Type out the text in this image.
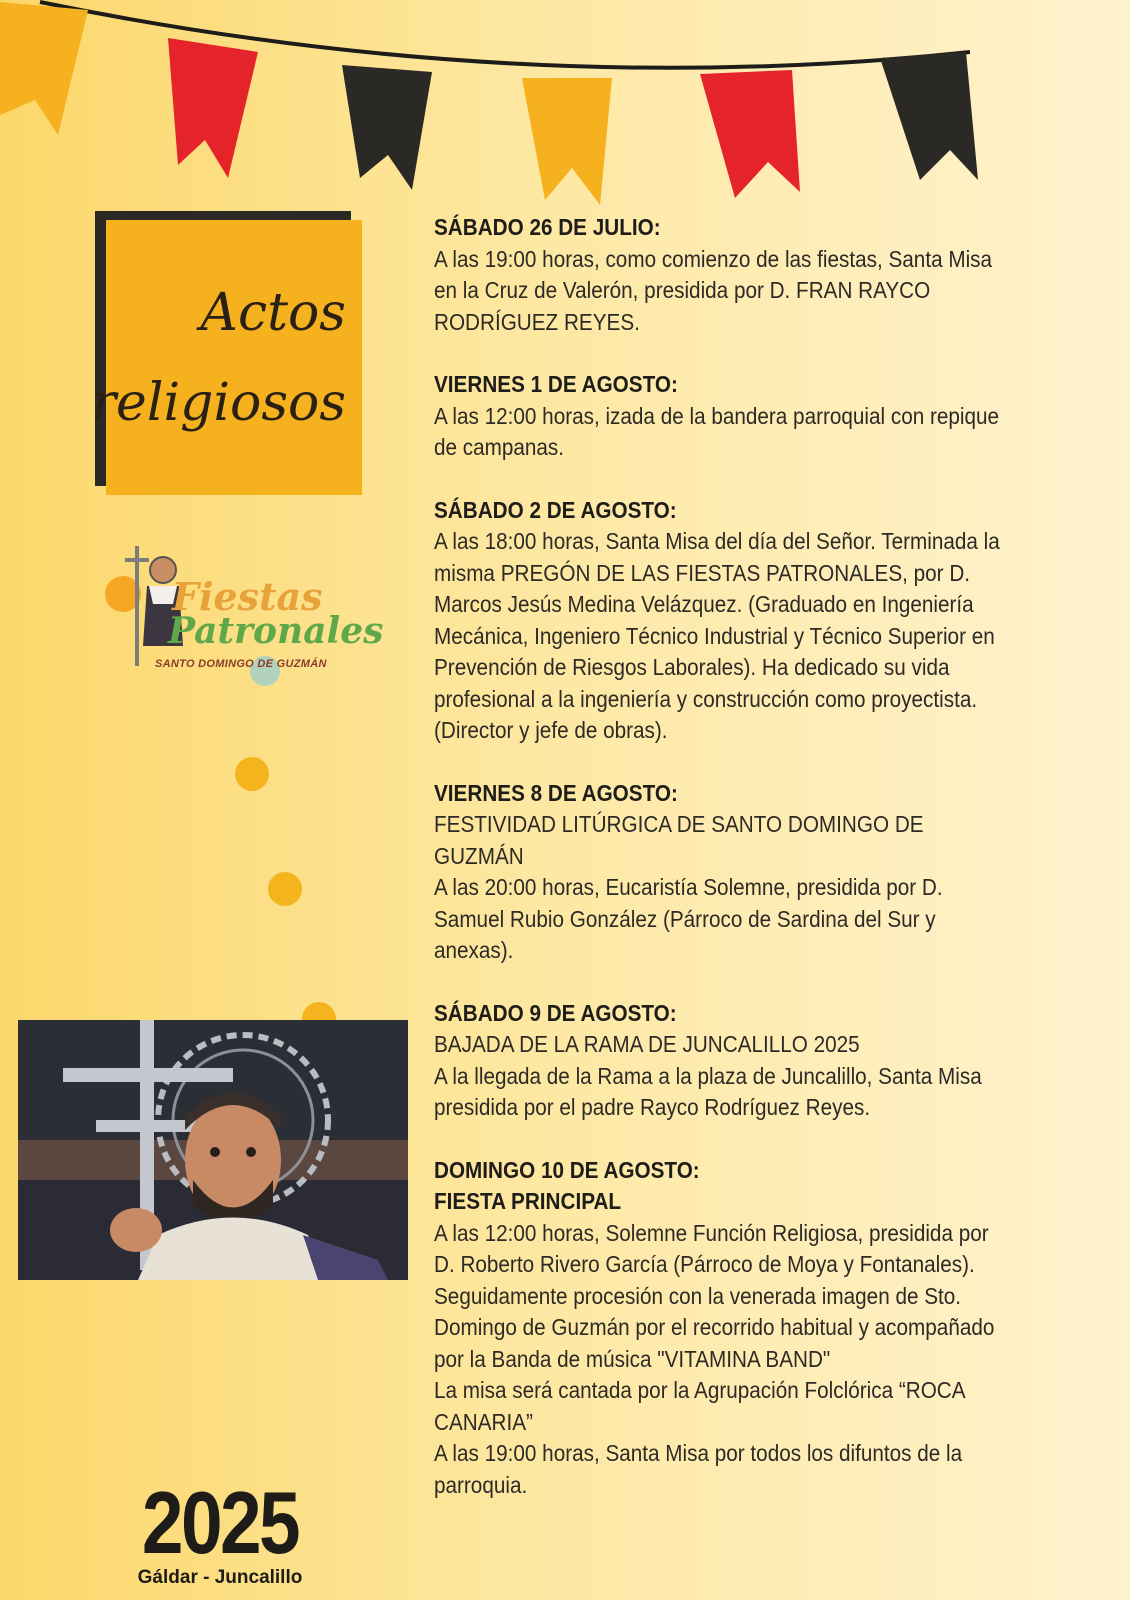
Actos
religiosos
Fiestas
Patronales
SANTO DOMINGO DE GUZMÁN
2025
Gáldar - Juncalillo
SÁBADO 26 DE JULIO:
A las 19:00 horas, como comienzo de las fiestas, Santa Misa en la Cruz de Valerón, presidida por D. FRAN RAYCO RODRÍGUEZ REYES.
VIERNES 1 DE AGOSTO:
A las 12:00 horas, izada de la bandera parroquial con repique de campanas.
SÁBADO 2 DE AGOSTO:
A las 18:00 horas, Santa Misa del día del Señor. Terminada la misma PREGÓN DE LAS FIESTAS PATRONALES, por D. Marcos Jesús Medina Velázquez. (Graduado en Ingeniería Mecánica, Ingeniero Técnico Industrial y Técnico Superior en Prevención de Riesgos Laborales). Ha dedicado su vida profesional a la ingeniería y construcción como proyectista. (Director y jefe de obras).
VIERNES 8 DE AGOSTO:
FESTIVIDAD LITÚRGICA DE SANTO DOMINGO DE GUZMÁN
A las 20:00 horas, Eucaristía Solemne, presidida por D. Samuel Rubio González (Párroco de Sardina del Sur y anexas).
SÁBADO 9 DE AGOSTO:
BAJADA DE LA RAMA DE JUNCALILLO 2025
A la llegada de la Rama a la plaza de Juncalillo, Santa Misa presidida por el padre Rayco Rodríguez Reyes.
DOMINGO 10 DE AGOSTO:
FIESTA PRINCIPAL
A las 12:00 horas, Solemne Función Religiosa, presidida por D. Roberto Rivero García (Párroco de Moya y Fontanales). Seguidamente procesión con la venerada imagen de Sto. Domingo de Guzmán por el recorrido habitual y acompañado por la Banda de música "VITAMINA BAND"
La misa será cantada por la Agrupación Folclórica “ROCA CANARIA”
A las 19:00 horas, Santa Misa por todos los difuntos de la parroquia.
